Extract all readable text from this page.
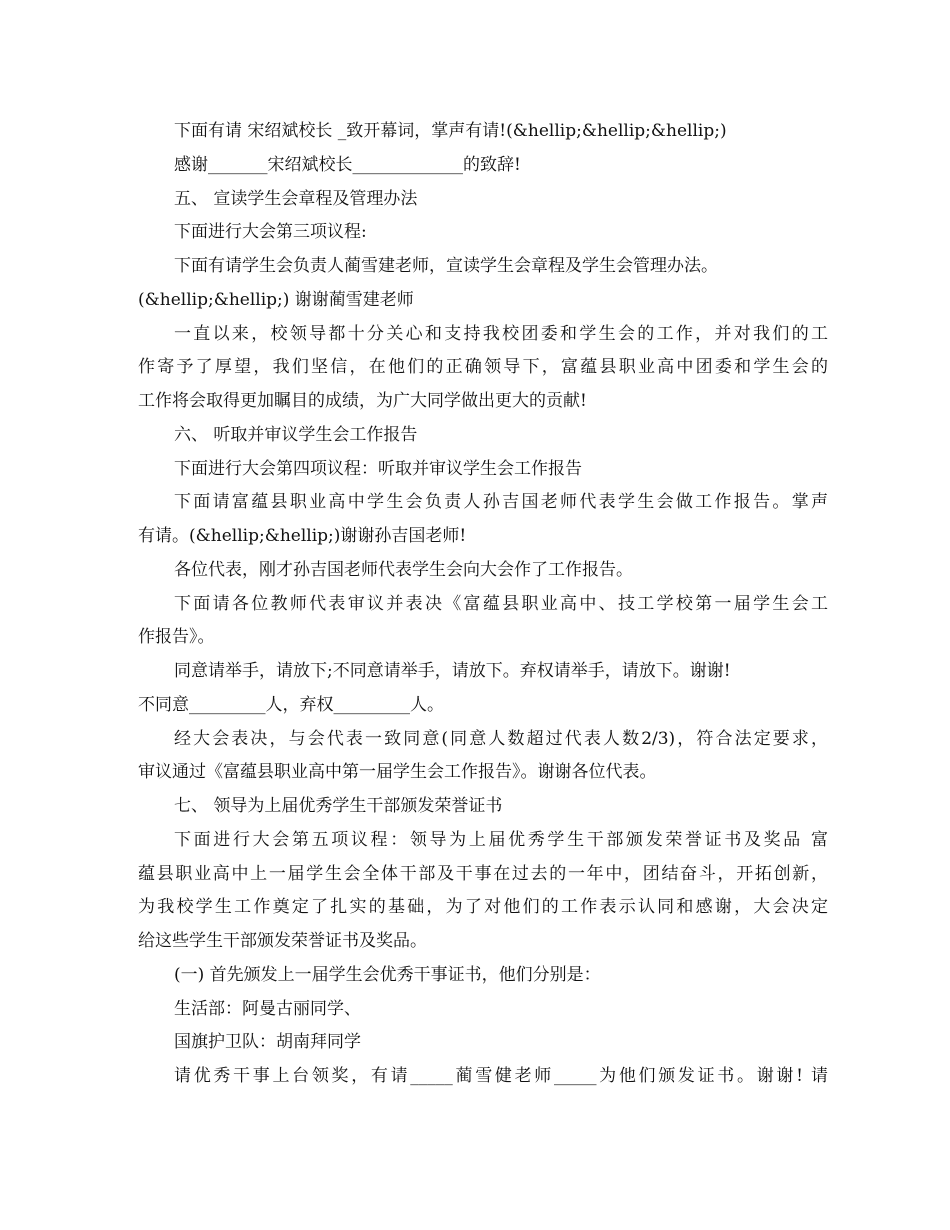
下面有请 宋绍斌校长 _致开幕词，掌声有请!(&hellip;&hellip;&hellip;)
感谢_______宋绍斌校长_____________的致辞!
五、 宣读学生会章程及管理办法
下面进行大会第三项议程:
下面有请学生会负责人蔺雪建老师，宣读学生会章程及学生会管理办法。
(&hellip;&hellip;) 谢谢蔺雪建老师
一直以来，校领导都十分关心和支持我校团委和学生会的工作，并对我们的工
作寄予了厚望，我们坚信，在他们的正确领导下，富蕴县职业高中团委和学生会的
工作将会取得更加瞩目的成绩，为广大同学做出更大的贡献!
六、 听取并审议学生会工作报告
下面进行大会第四项议程：听取并审议学生会工作报告
下面请富蕴县职业高中学生会负责人孙吉国老师代表学生会做工作报告。掌声
有请。(&hellip;&hellip;)谢谢孙吉国老师!
各位代表，刚才孙吉国老师代表学生会向大会作了工作报告。
下面请各位教师代表审议并表决《富蕴县职业高中、技工学校第一届学生会工
作报告》。
同意请举手，请放下;不同意请举手，请放下。弃权请举手，请放下。谢谢!
不同意_________人，弃权_________人。
经大会表决，与会代表一致同意(同意人数超过代表人数2/3)，符合法定要求，
审议通过《富蕴县职业高中第一届学生会工作报告》。谢谢各位代表。
七、 领导为上届优秀学生干部颁发荣誉证书
下面进行大会第五项议程：领导为上届优秀学生干部颁发荣誉证书及奖品 富
蕴县职业高中上一届学生会全体干部及干事在过去的一年中，团结奋斗，开拓创新，
为我校学生工作奠定了扎实的基础，为了对他们的工作表示认同和感谢，大会决定
给这些学生干部颁发荣誉证书及奖品。
(一) 首先颁发上一届学生会优秀干事证书，他们分别是：
生活部：阿曼古丽同学、
国旗护卫队：胡南拜同学
请优秀干事上台领奖，有请_____蔺雪健老师_____为他们颁发证书。谢谢! 请
